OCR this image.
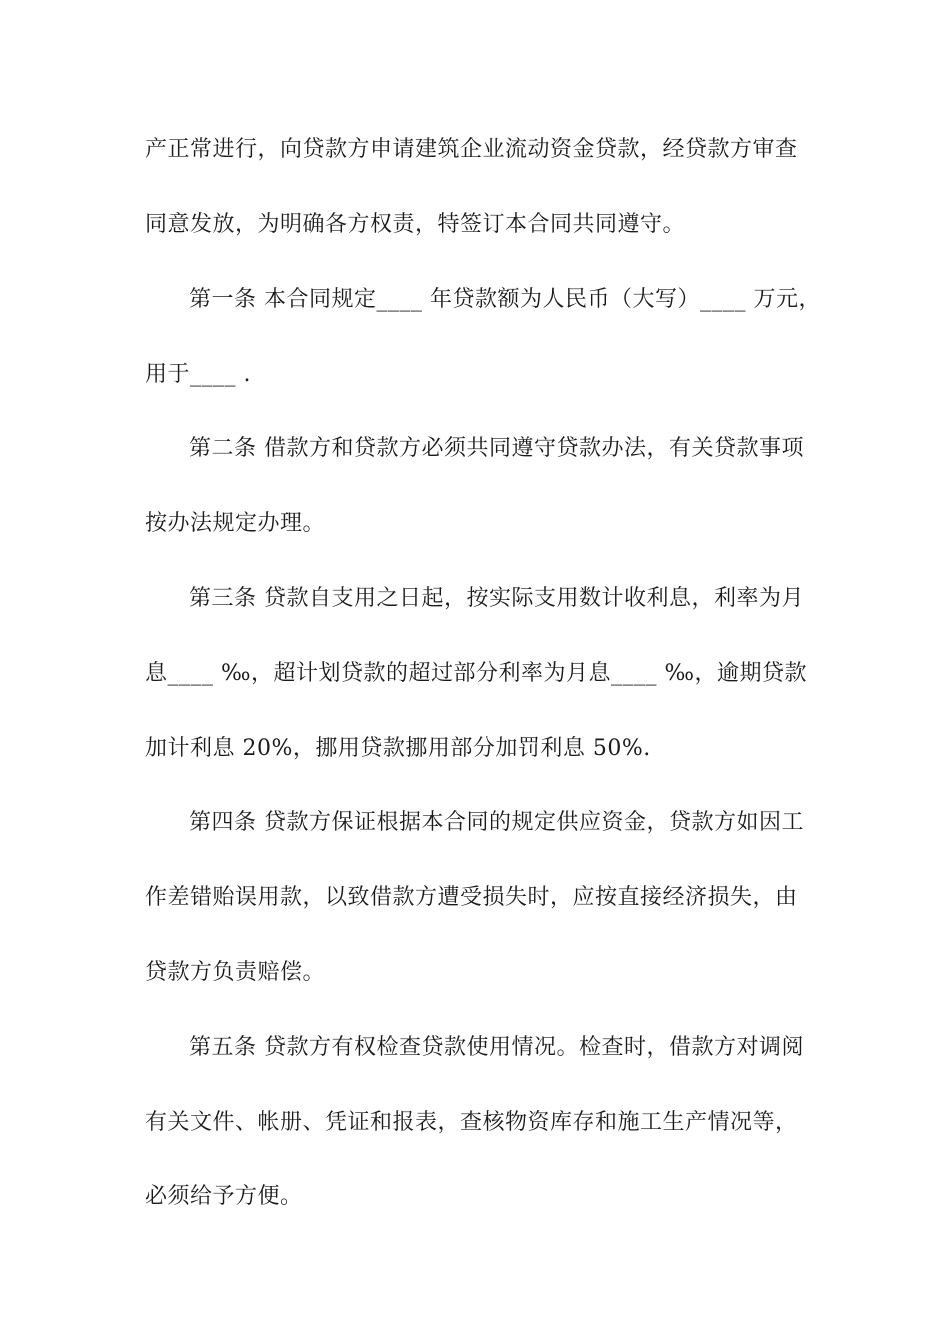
产正常进行，向贷款方申请建筑企业流动资金贷款，经贷款方审查
同意发放，为明确各方权责，特签订本合同共同遵守。
第一条 本合同规定____ 年贷款额为人民币（大写）____ 万元，
用于____ .
第二条 借款方和贷款方必须共同遵守贷款办法，有关贷款事项
按办法规定办理。
第三条 贷款自支用之日起，按实际支用数计收利息，利率为月
息____ ‰，超计划贷款的超过部分利率为月息____ ‰，逾期贷款
加计利息 20%，挪用贷款挪用部分加罚利息 50%.
第四条 贷款方保证根据本合同的规定供应资金，贷款方如因工
作差错贻误用款，以致借款方遭受损失时，应按直接经济损失，由
贷款方负责赔偿。
第五条 贷款方有权检查贷款使用情况。检查时，借款方对调阅
有关文件、帐册、凭证和报表，查核物资库存和施工生产情况等，
必须给予方便。
